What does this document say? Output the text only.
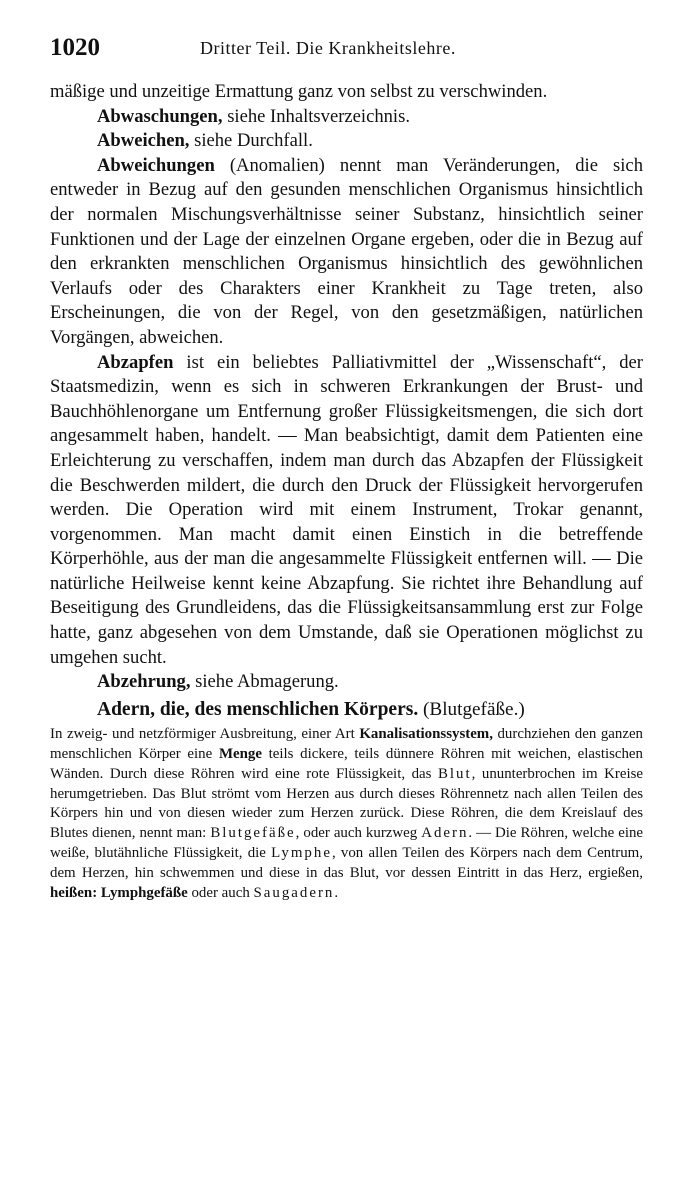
1020	Dritter Teil. Die Krankheitslehre.

mäßige und unzeitige Ermattung ganz von selbst zu verschwinden.

Abwaschungen, siehe Inhaltsverzeichnis.

Abweichen, siehe Durchfall.

Abweichungen (Anomalien) nennt man Veränderungen, die sich entweder in Bezug auf den gesunden menschlichen Organismus hinsichtlich der normalen Mischungsverhältnisse seiner Substanz, hinsichtlich seiner Funktionen und der Lage der einzelnen Organe ergeben, oder die in Bezug auf den erkrankten menschlichen Organismus hinsichtlich des gewöhnlichen Verlaufs oder des Charakters einer Krankheit zu Tage treten, also Erscheinungen, die von der Regel, von den gesetzmäßigen, natürlichen Vorgängen, abweichen.

Abzapfen ist ein beliebtes Palliativmittel der „Wissenschaft“, der Staatsmedizin, wenn es sich in schweren Erkrankungen der Brust- und Bauchhöhlenorgane um Entfernung großer Flüssigkeitsmengen, die sich dort angesammelt haben, handelt. — Man beabsichtigt, damit dem Patienten eine Erleichterung zu verschaffen, indem man durch das Abzapfen der Flüssigkeit die Beschwerden mildert, die durch den Druck der Flüssigkeit hervorgerufen werden. Die Operation wird mit einem Instrument, Trokar genannt, vorgenommen. Man macht damit einen Einstich in die betreffende Körperhöhle, aus der man die angesammelte Flüssigkeit entfernen will. — Die natürliche Heilweise kennt keine Abzapfung. Sie richtet ihre Behandlung auf Beseitigung des Grundleidens, das die Flüssigkeitsansammlung erst zur Folge hatte, ganz abgesehen von dem Umstande, daß sie Operationen möglichst zu umgehen sucht.

Abzehrung, siehe Abmagerung.

Adern, die, des menschlichen Körpers. (Blutgefäße.)

In zweig- und netzförmiger Ausbreitung, einer Art Kanalisationssystem, durchziehen den ganzen menschlichen Körper eine Menge teils dickere, teils dünnere Röhren mit weichen, elastischen Wänden. Durch diese Röhren wird eine rote Flüssigkeit, das Blut, ununterbrochen im Kreise herumgetrieben. Das Blut strömt vom Herzen aus durch dieses Röhrennetz nach allen Teilen des Körpers hin und von diesen wieder zum Herzen zurück. Diese Röhren, die dem Kreislauf des Blutes dienen, nennt man: Blutgefäße, oder auch kurzweg Adern. — Die Röhren, welche eine weiße, blutähnliche Flüssigkeit, die Lymphe, von allen Teilen des Körpers nach dem Centrum, dem Herzen, hin schwemmen und diese in das Blut, vor dessen Eintritt in das Herz, ergießen, heißen: Lymphgefäße oder auch Saugadern.
